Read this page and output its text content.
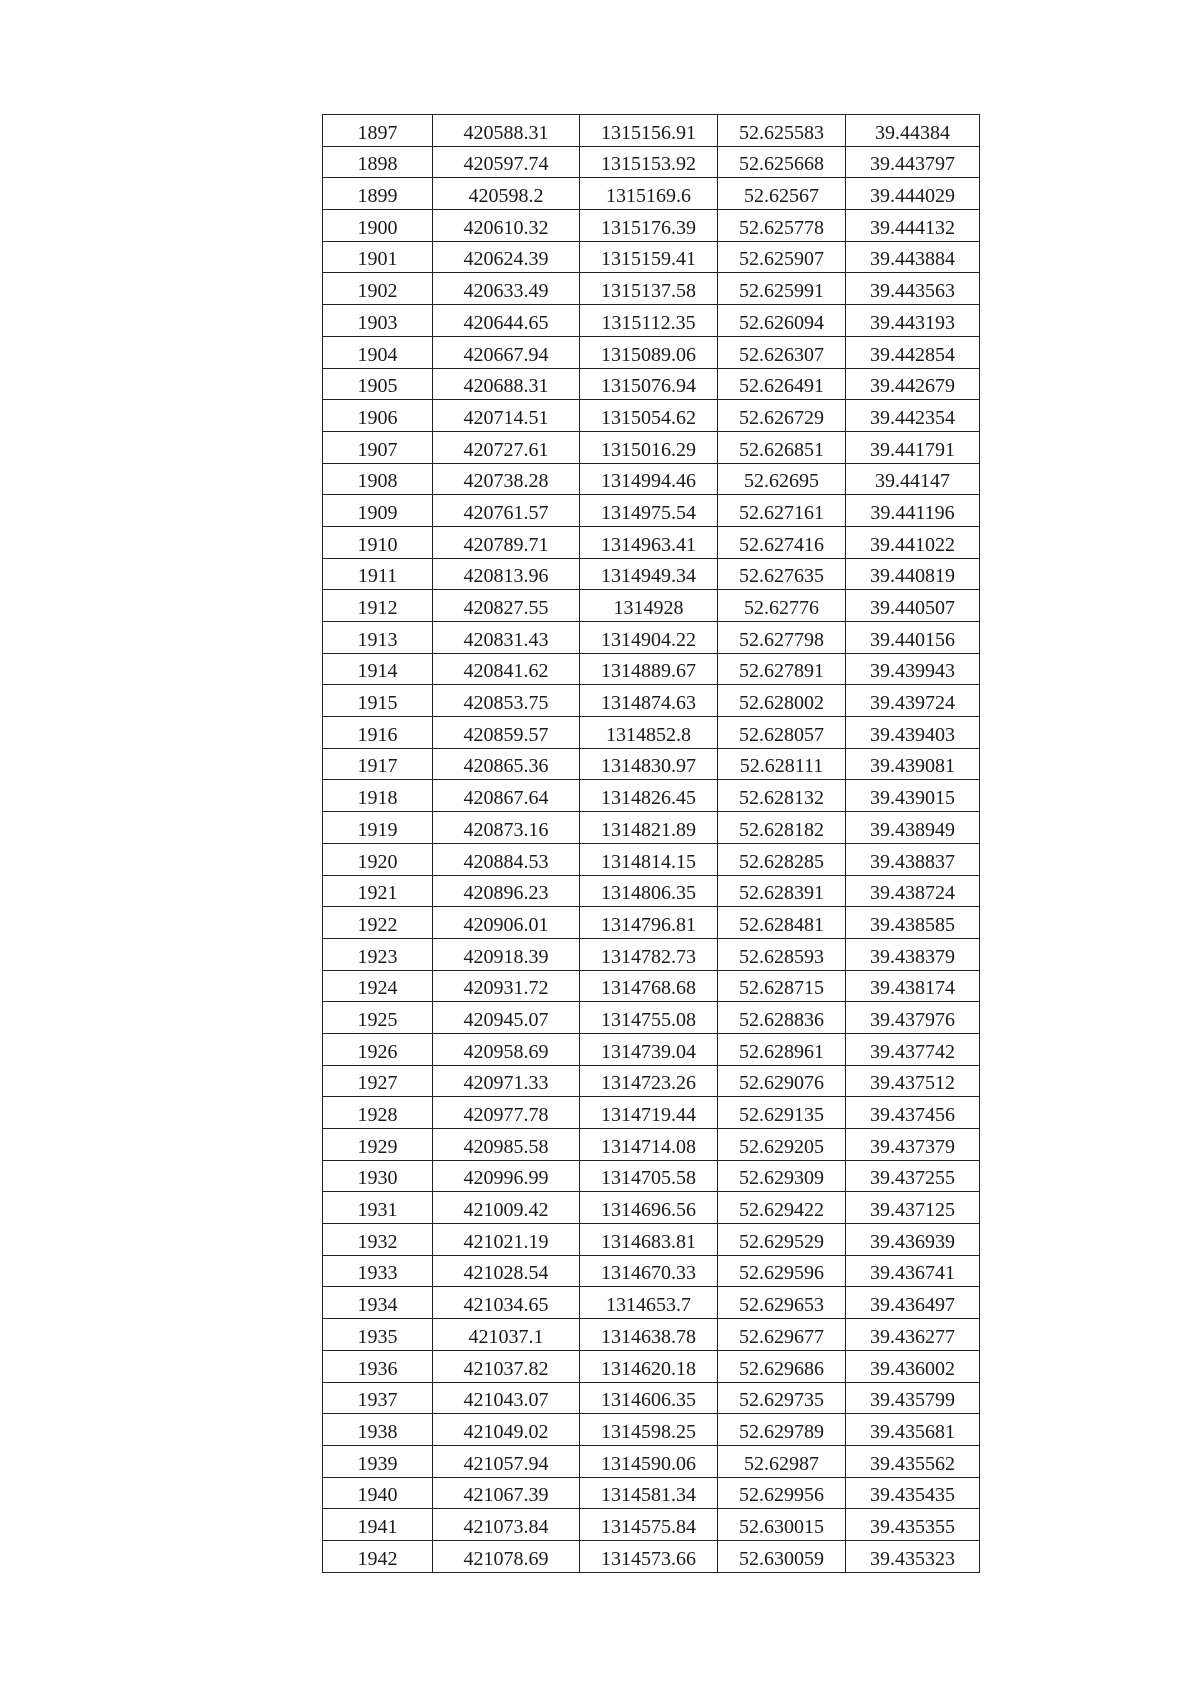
1897	420588.31	1315156.91	52.625583	39.44384
1898	420597.74	1315153.92	52.625668	39.443797
1899	420598.2	1315169.6	52.62567	39.444029
1900	420610.32	1315176.39	52.625778	39.444132
1901	420624.39	1315159.41	52.625907	39.443884
1902	420633.49	1315137.58	52.625991	39.443563
1903	420644.65	1315112.35	52.626094	39.443193
1904	420667.94	1315089.06	52.626307	39.442854
1905	420688.31	1315076.94	52.626491	39.442679
1906	420714.51	1315054.62	52.626729	39.442354
1907	420727.61	1315016.29	52.626851	39.441791
1908	420738.28	1314994.46	52.62695	39.44147
1909	420761.57	1314975.54	52.627161	39.441196
1910	420789.71	1314963.41	52.627416	39.441022
1911	420813.96	1314949.34	52.627635	39.440819
1912	420827.55	1314928	52.62776	39.440507
1913	420831.43	1314904.22	52.627798	39.440156
1914	420841.62	1314889.67	52.627891	39.439943
1915	420853.75	1314874.63	52.628002	39.439724
1916	420859.57	1314852.8	52.628057	39.439403
1917	420865.36	1314830.97	52.628111	39.439081
1918	420867.64	1314826.45	52.628132	39.439015
1919	420873.16	1314821.89	52.628182	39.438949
1920	420884.53	1314814.15	52.628285	39.438837
1921	420896.23	1314806.35	52.628391	39.438724
1922	420906.01	1314796.81	52.628481	39.438585
1923	420918.39	1314782.73	52.628593	39.438379
1924	420931.72	1314768.68	52.628715	39.438174
1925	420945.07	1314755.08	52.628836	39.437976
1926	420958.69	1314739.04	52.628961	39.437742
1927	420971.33	1314723.26	52.629076	39.437512
1928	420977.78	1314719.44	52.629135	39.437456
1929	420985.58	1314714.08	52.629205	39.437379
1930	420996.99	1314705.58	52.629309	39.437255
1931	421009.42	1314696.56	52.629422	39.437125
1932	421021.19	1314683.81	52.629529	39.436939
1933	421028.54	1314670.33	52.629596	39.436741
1934	421034.65	1314653.7	52.629653	39.436497
1935	421037.1	1314638.78	52.629677	39.436277
1936	421037.82	1314620.18	52.629686	39.436002
1937	421043.07	1314606.35	52.629735	39.435799
1938	421049.02	1314598.25	52.629789	39.435681
1939	421057.94	1314590.06	52.62987	39.435562
1940	421067.39	1314581.34	52.629956	39.435435
1941	421073.84	1314575.84	52.630015	39.435355
1942	421078.69	1314573.66	52.630059	39.435323
